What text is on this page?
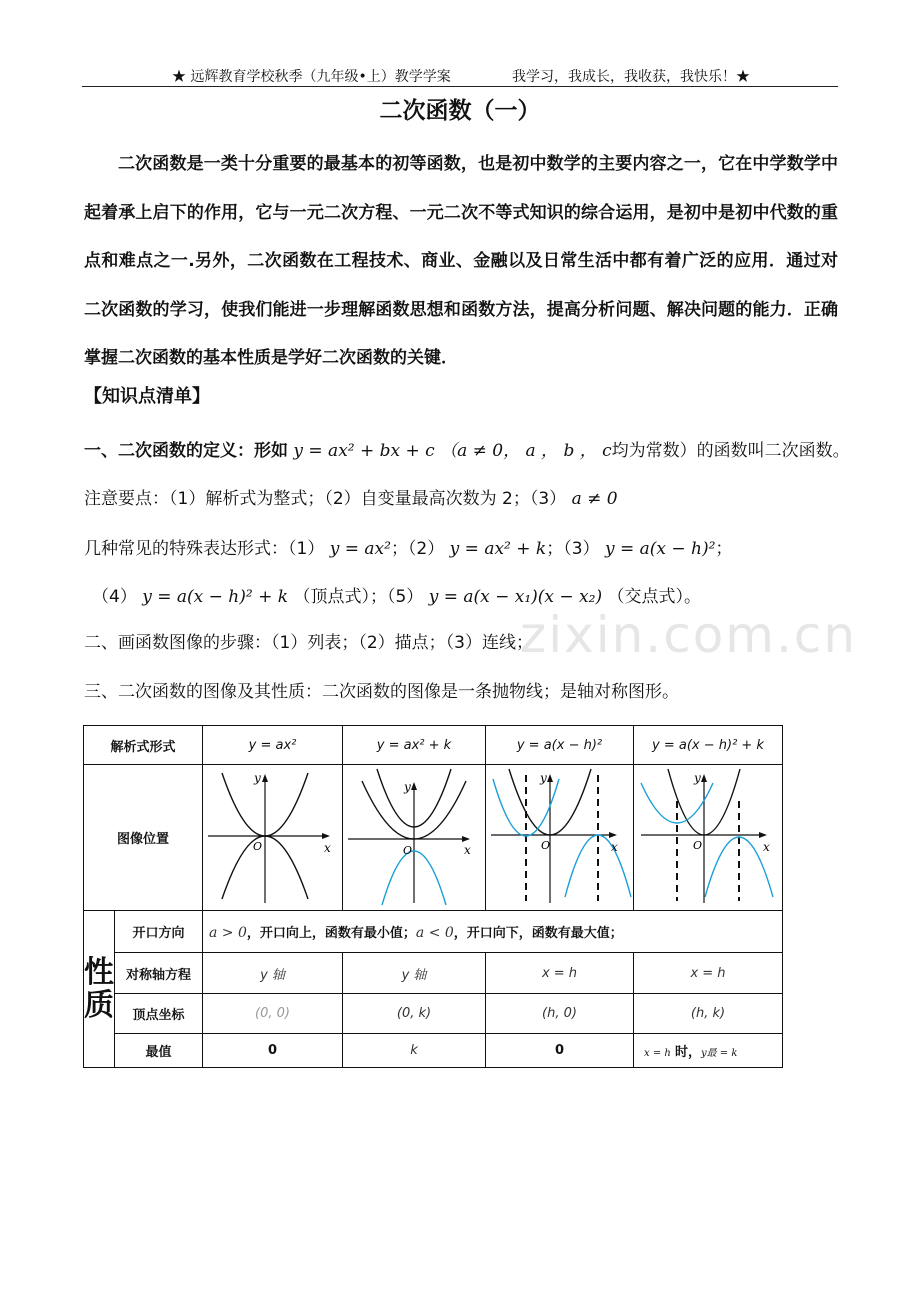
★ 远辉教育学校秋季（九年级•上）教学学案	我学习，我成长，我收获，我快乐！★
二次函数（一）

二次函数是一类十分重要的最基本的初等函数，也是初中数学的主要内容之一，它在中学数学中起着承上启下的作用，它与一元二次方程、一元二次不等式知识的综合运用，是初中是初中代数的重点和难点之一.另外，二次函数在工程技术、商业、金融以及日常生活中都有着广泛的应用．通过对二次函数的学习，使我们能进一步理解函数思想和函数方法，提高分析问题、解决问题的能力．正确掌握二次函数的基本性质是学好二次函数的关键．

【知识点清单】
一、二次函数的定义：形如 y = ax² + bx + c （a ≠ 0， a ， b ， c均为常数）的函数叫二次函数。
注意要点：（1）解析式为整式；（2）自变量最高次数为 2；（3） a ≠ 0
几种常见的特殊表达形式：（1） y = ax²；（2） y = ax² + k；（3） y = a(x − h)²；
（4） y = a(x − h)² + k （顶点式）；（5） y = a(x − x₁)(x − x₂) （交点式）。
zixin.com.cn
二、画函数图像的步骤：（1）列表；（2）描点；（3）连线；
三、二次函数的图像及其性质：二次函数的图像是一条抛物线；是轴对称图形。
解析式形式		y = ax²	y = ax² + k	y = a(x − h)²	y = a(x − h)² + k
图像位置		x
y
O	x
y
O	x
y
O	x
y
O

性
质	开口方向	a > 0，开口向上，函数有最小值；a < 0，开口向下，函数有最大值；			
	对称轴方程	y 轴	y 轴	x = h	x = h
	顶点坐标	(0, 0)	(0, k)	(h, 0)	(h, k)
	最值	0	k	0	x = h 时，y最 = k
